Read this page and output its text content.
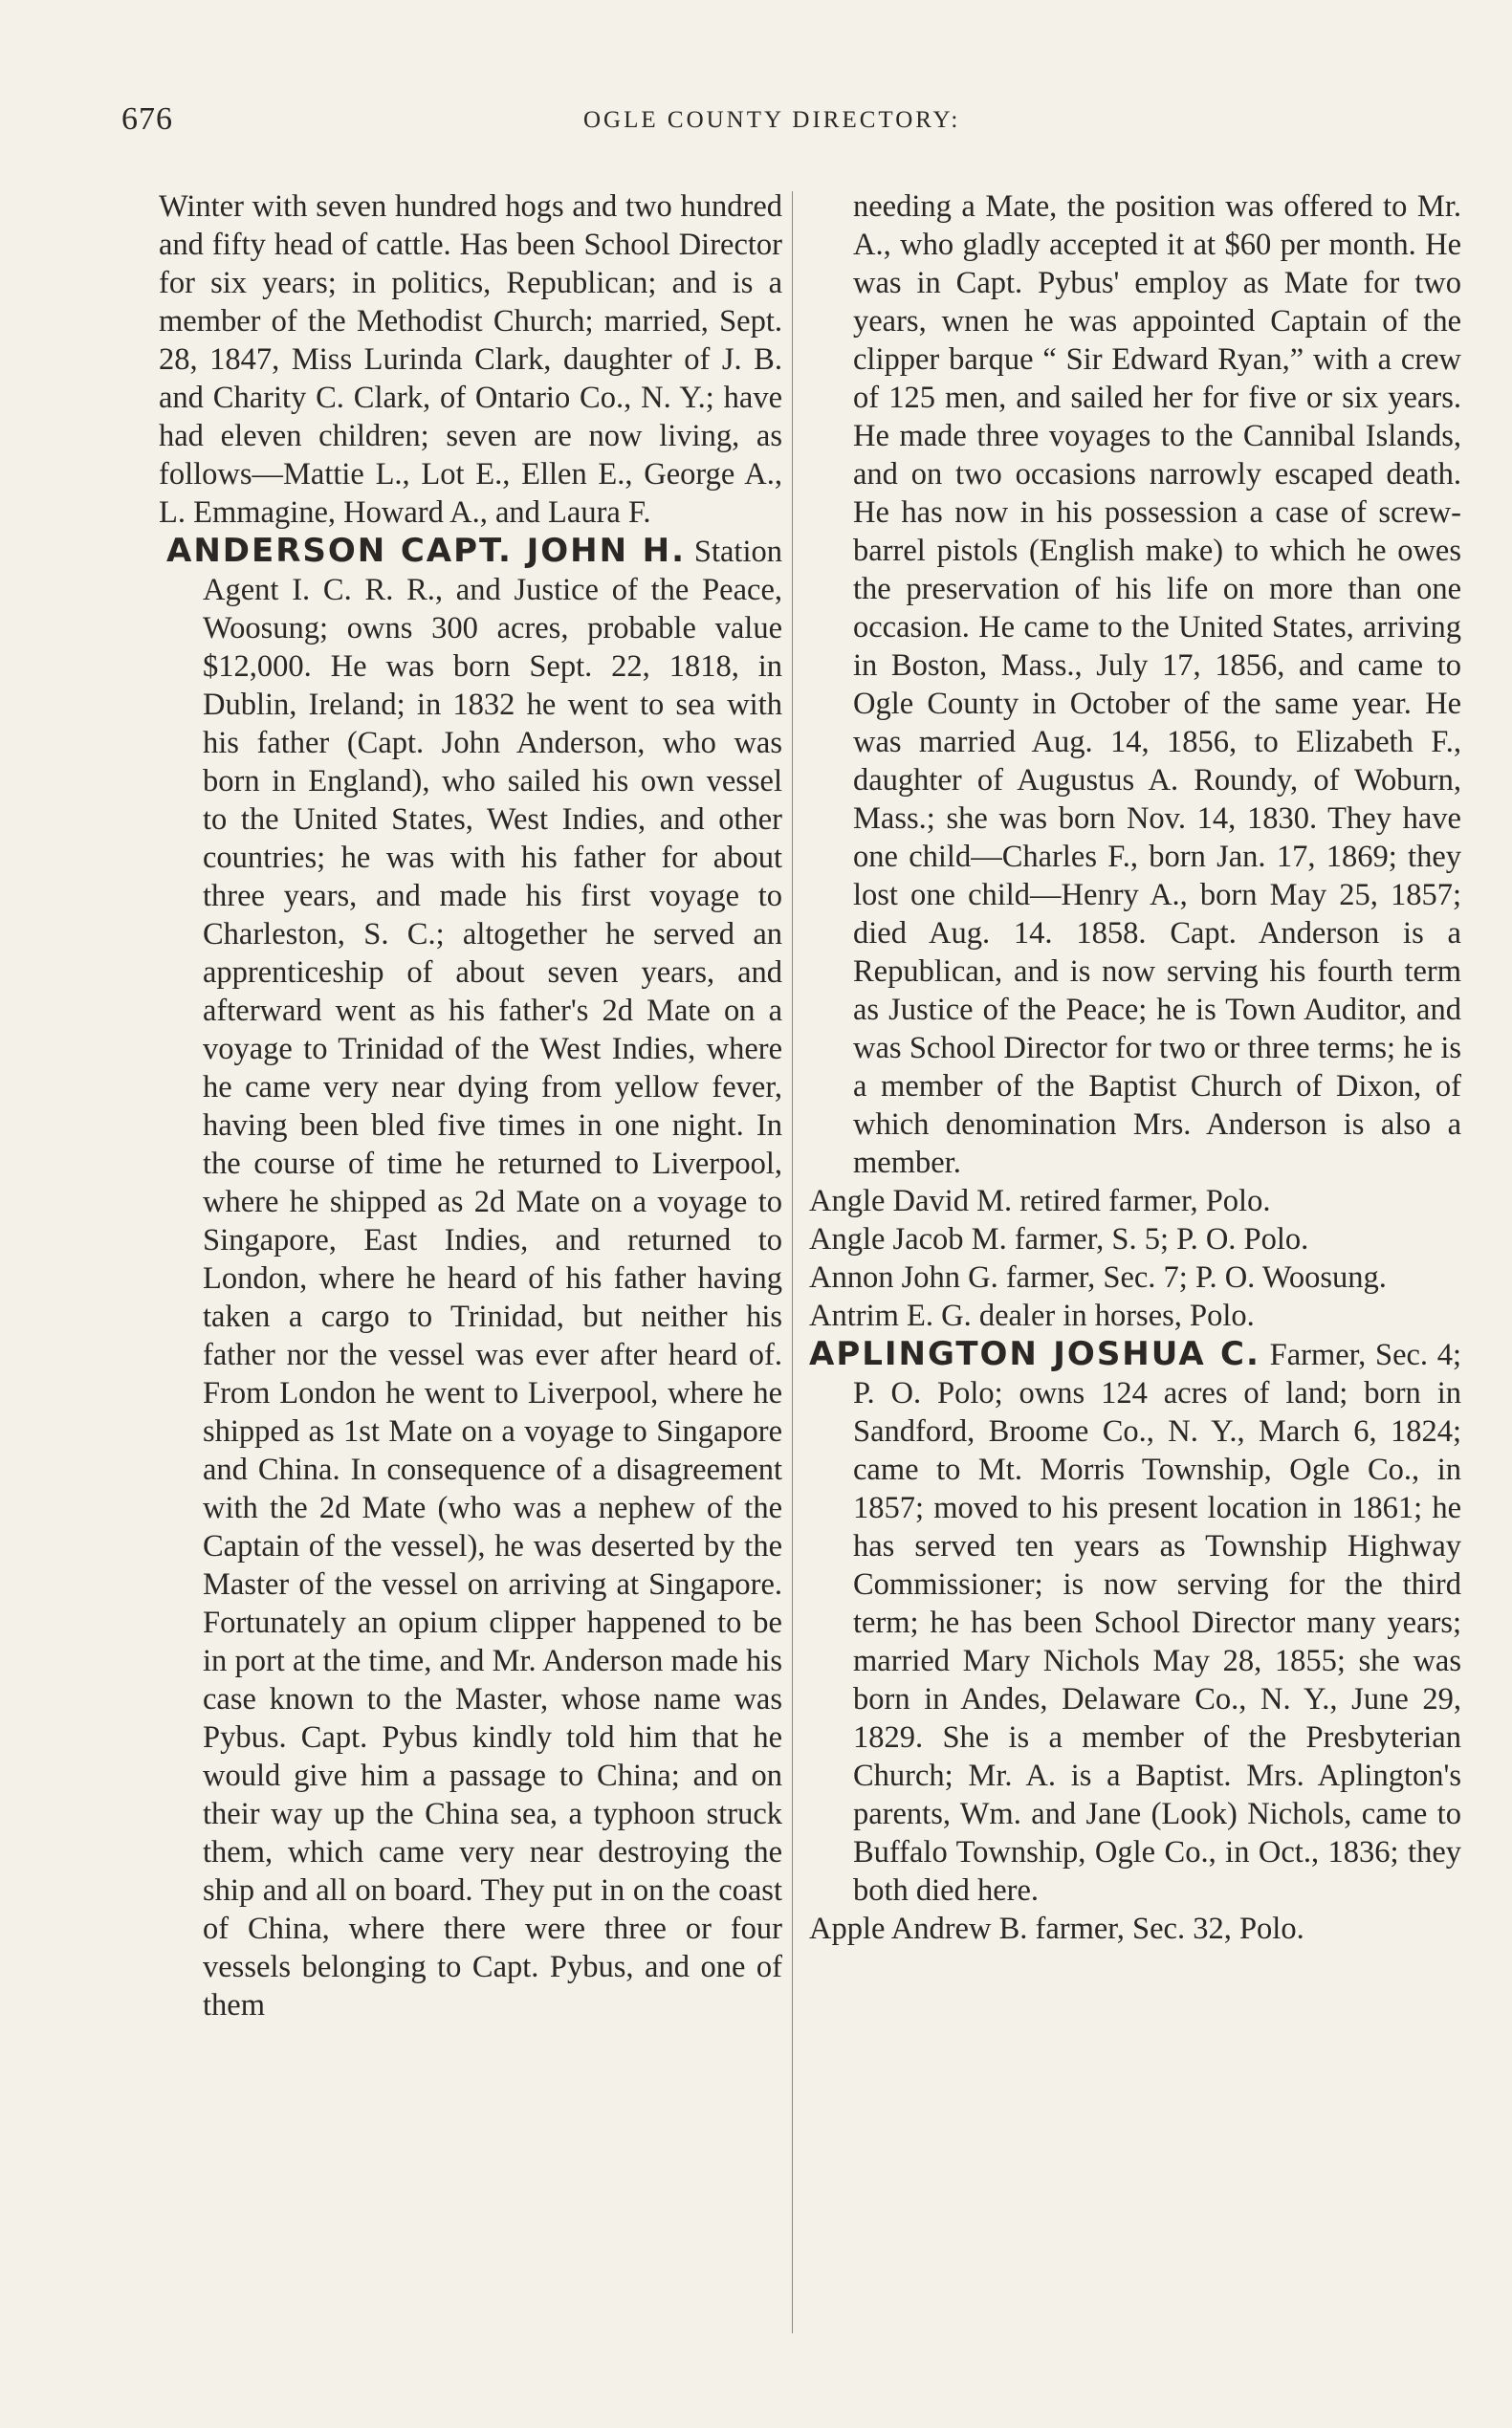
676	OGLE COUNTY DIRECTORY:

Winter with seven hundred hogs and two hundred and fifty head of cattle. Has been School Director for six years; in politics, Republican; and is a member of the Methodist Church; married, Sept. 28, 1847, Miss Lurinda Clark, daughter of J. B. and Charity C. Clark, of Ontario Co., N. Y.; have had eleven children; seven are now living, as follows—Mattie L., Lot E., Ellen E., George A., L. Emmagine, Howard A., and Laura F.

ANDERSON CAPT. JOHN H. Station Agent I. C. R. R., and Justice of the Peace, Woosung; owns 300 acres, probable value $12,000. He was born Sept. 22, 1818, in Dublin, Ireland; in 1832 he went to sea with his father (Capt. John Anderson, who was born in England), who sailed his own vessel to the United States, West Indies, and other countries; he was with his father for about three years, and made his first voyage to Charleston, S. C.; altogether he served an apprenticeship of about seven years, and afterward went as his father's 2d Mate on a voyage to Trinidad of the West Indies, where he came very near dying from yellow fever, having been bled five times in one night. In the course of time he returned to Liverpool, where he shipped as 2d Mate on a voyage to Singapore, East Indies, and returned to London, where he heard of his father having taken a cargo to Trinidad, but neither his father nor the vessel was ever after heard of. From London he went to Liverpool, where he shipped as 1st Mate on a voyage to Singapore and China. In consequence of a disagreement with the 2d Mate (who was a nephew of the Captain of the vessel), he was deserted by the Master of the vessel on arriving at Singapore. Fortunately an opium clipper happened to be in port at the time, and Mr. Anderson made his case known to the Master, whose name was Pybus. Capt. Pybus kindly told him that he would give him a passage to China; and on their way up the China sea, a typhoon struck them, which came very near destroying the ship and all on board. They put in on the coast of China, where there were three or four vessels belonging to Capt. Pybus, and one of them

needing a Mate, the position was offered to Mr. A., who gladly accepted it at $60 per month. He was in Capt. Pybus' employ as Mate for two years, wnen he was appointed Captain of the clipper barque “ Sir Edward Ryan,” with a crew of 125 men, and sailed her for five or six years. He made three voyages to the Cannibal Islands, and on two occasions narrowly escaped death. He has now in his possession a case of screw-barrel pistols (English make) to which he owes the preservation of his life on more than one occasion. He came to the United States, arriving in Boston, Mass., July 17, 1856, and came to Ogle County in October of the same year. He was married Aug. 14, 1856, to Elizabeth F., daughter of Augustus A. Roundy, of Woburn, Mass.; she was born Nov. 14, 1830. They have one child—Charles F., born Jan. 17, 1869; they lost one child—Henry A., born May 25, 1857; died Aug. 14. 1858. Capt. Anderson is a Republican, and is now serving his fourth term as Justice of the Peace; he is Town Auditor, and was School Director for two or three terms; he is a member of the Baptist Church of Dixon, of which denomination Mrs. Anderson is also a member.

Angle David M. retired farmer, Polo.

Angle Jacob M. farmer, S. 5; P. O. Polo.

Annon John G. farmer, Sec. 7; P. O. Woosung.

Antrim E. G. dealer in horses, Polo.

APLINGTON JOSHUA C. Farmer, Sec. 4; P. O. Polo; owns 124 acres of land; born in Sandford, Broome Co., N. Y., March 6, 1824; came to Mt. Morris Township, Ogle Co., in 1857; moved to his present location in 1861; he has served ten years as Township Highway Commissioner; is now serving for the third term; he has been School Director many years; married Mary Nichols May 28, 1855; she was born in Andes, Delaware Co., N. Y., June 29, 1829. She is a member of the Presbyterian Church; Mr. A. is a Baptist. Mrs. Aplington's parents, Wm. and Jane (Look) Nichols, came to Buffalo Township, Ogle Co., in Oct., 1836; they both died here.

Apple Andrew B. farmer, Sec. 32, Polo.
